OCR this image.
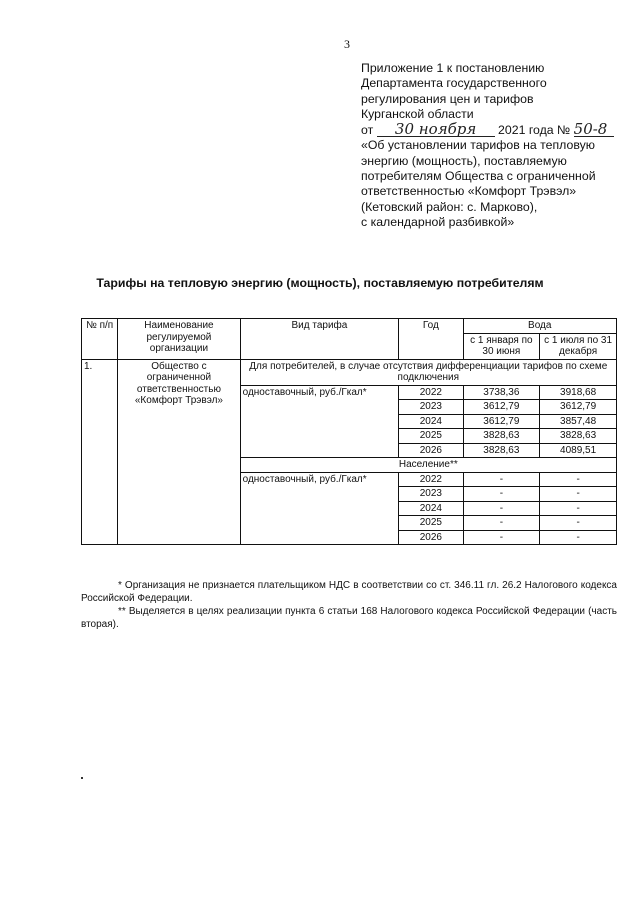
3
Приложение 1 к постановлению
Департамента государственного
регулирования цен и тарифов
Курганской области
от 30 ноября 2021 года № 50-8
«Об установлении тарифов на тепловую
энергию (мощность), поставляемую
потребителям Общества с ограниченной
ответственностью «Комфорт Трэвэл»
(Кетовский район: с. Марково),
с календарной разбивкой»
Тарифы на тепловую энергию (мощность), поставляемую потребителям
№ п/п	Наименование регулируемой организации	Вид тарифа	Год	Вода	
				с 1 января по 30 июня	с 1 июля по 31 декабря
1.	Общество с ограниченной ответственностью «Комфорт Трэвэл»	Для потребителей, в случае отсутствия дифференциации тарифов по схеме подключения			
		одноставочный, руб./Гкал*	2022	3738,36	3918,68
			2023	3612,79	3612,79
			2024	3612,79	3857,48
			2025	3828,63	3828,63
			2026	3828,63	4089,51
		Население**			
		одноставочный, руб./Гкал*	2022	-	-
			2023	-	-
			2024	-	-
			2025	-	-
			2026	-	-
* Организация не признается плательщиком НДС в соответствии со ст. 346.11 гл. 26.2 Налогового кодекса Российской Федерации.
** Выделяется в целях реализации пункта 6 статьи 168 Налогового кодекса Российской Федерации (часть вторая).
